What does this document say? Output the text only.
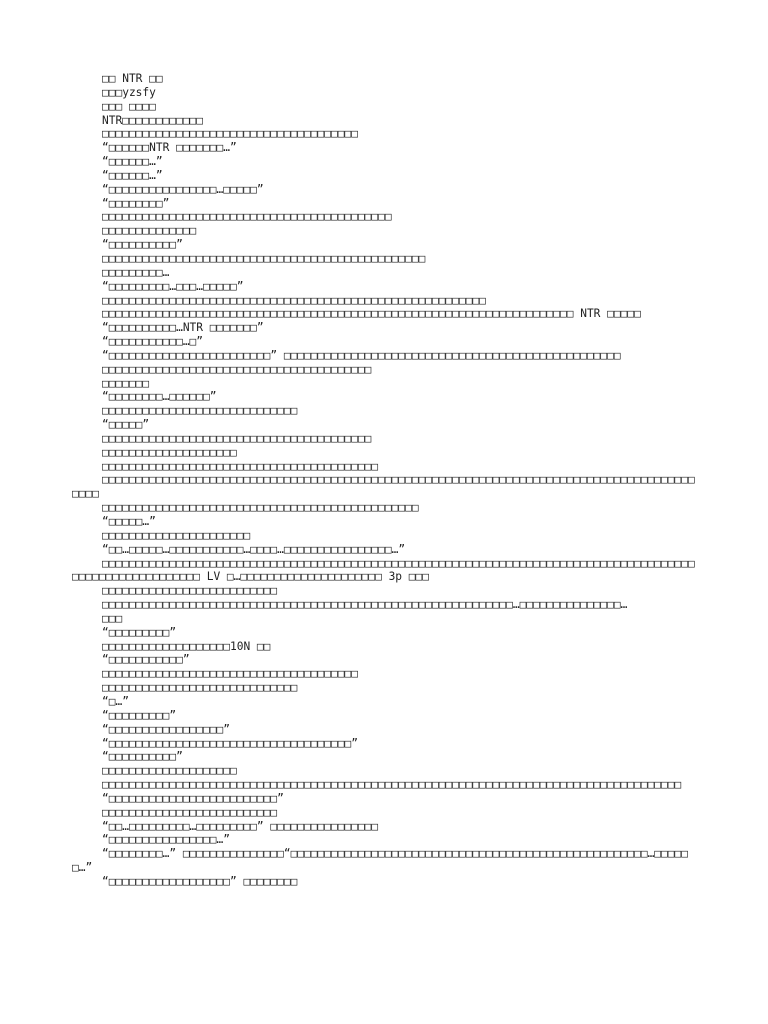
□□ NTR □□

□□□yzsfy

□□□ □□□□

NTR□□□□□□□□□□□□

□□□□□□□□□□□□□□□□□□□□□□□□□□□□□□□□□□□□□□

“□□□□□□NTR □□□□□□□…”

“□□□□□□…”

“□□□□□□…”

“□□□□□□□□□□□□□□□□…□□□□□”

“□□□□□□□□”

□□□□□□□□□□□□□□□□□□□□□□□□□□□□□□□□□□□□□□□□□□□

□□□□□□□□□□□□□□

“□□□□□□□□□□”

□□□□□□□□□□□□□□□□□□□□□□□□□□□□□□□□□□□□□□□□□□□□□□□□

□□□□□□□□□…

“□□□□□□□□□…□□□…□□□□□”

□□□□□□□□□□□□□□□□□□□□□□□□□□□□□□□□□□□□□□□□□□□□□□□□□□□□□□□□□

□□□□□□□□□□□□□□□□□□□□□□□□□□□□□□□□□□□□□□□□□□□□□□□□□□□□□□□□□□□□□□□□□□□□□□ NTR □□□□□

“□□□□□□□□□□…NTR □□□□□□□”

“□□□□□□□□□□□…□”

“□□□□□□□□□□□□□□□□□□□□□□□□” □□□□□□□□□□□□□□□□□□□□□□□□□□□□□□□□□□□□□□□□□□□□□□□□□□

□□□□□□□□□□□□□□□□□□□□□□□□□□□□□□□□□□□□□□□□

□□□□□□□

“□□□□□□□□…□□□□□□”

□□□□□□□□□□□□□□□□□□□□□□□□□□□□□

“□□□□□”

□□□□□□□□□□□□□□□□□□□□□□□□□□□□□□□□□□□□□□□□

□□□□□□□□□□□□□□□□□□□□

□□□□□□□□□□□□□□□□□□□□□□□□□□□□□□□□□□□□□□□□□

□□□□□□□□□□□□□□□□□□□□□□□□□□□□□□□□□□□□□□□□□□□□□□□□□□□□□□□□□□□□□□□□□□□□□□□□□□□□□□□□□□□□□□□□□□□□

□□□□□□□□□□□□□□□□□□□□□□□□□□□□□□□□□□□□□□□□□□□□□□□

“□□□□□…”

□□□□□□□□□□□□□□□□□□□□□□

“□□…□□□□□…□□□□□□□□□□□…□□□□…□□□□□□□□□□□□□□□□…”

□□□□□□□□□□□□□□□□□□□□□□□□□□□□□□□□□□□□□□□□□□□□□□□□□□□□□□□□□□□□□□□□□□□□□□□□□□□□□□□□□□□□□□□□□□□□□□□□□□□□□□□□□□□ LV □…□□□□□□□□□□□□□□□□□□□□□ 3p □□□

□□□□□□□□□□□□□□□□□□□□□□□□□□

□□□□□□□□□□□□□□□□□□□□□□□□□□□□□□□□□□□□□□□□□□□□□□□□□□□□□□□□□□□□□…□□□□□□□□□□□□□□□…

□□□

“□□□□□□□□□”

□□□□□□□□□□□□□□□□□□□10N □□

“□□□□□□□□□□□”

□□□□□□□□□□□□□□□□□□□□□□□□□□□□□□□□□□□□□□

□□□□□□□□□□□□□□□□□□□□□□□□□□□□□

“□…”

“□□□□□□□□□”

“□□□□□□□□□□□□□□□□□”

“□□□□□□□□□□□□□□□□□□□□□□□□□□□□□□□□□□□□”

“□□□□□□□□□□”

□□□□□□□□□□□□□□□□□□□□

□□□□□□□□□□□□□□□□□□□□□□□□□□□□□□□□□□□□□□□□□□□□□□□□□□□□□□□□□□□□□□□□□□□□□□□□□□□□□□□□□□□□□□

“□□□□□□□□□□□□□□□□□□□□□□□□□”

□□□□□□□□□□□□□□□□□□□□□□□□□□

“□□…□□□□□□□□□…□□□□□□□□□” □□□□□□□□□□□□□□□□

“□□□□□□□□□□□□□□□□…”

“□□□□□□□□…” □□□□□□□□□□□□□□□“□□□□□□□□□□□□□□□□□□□□□□□□□□□□□□□□□□□□□□□□□□□□□□□□□□□□□…□□□□□□…”

“□□□□□□□□□□□□□□□□□□” □□□□□□□□
